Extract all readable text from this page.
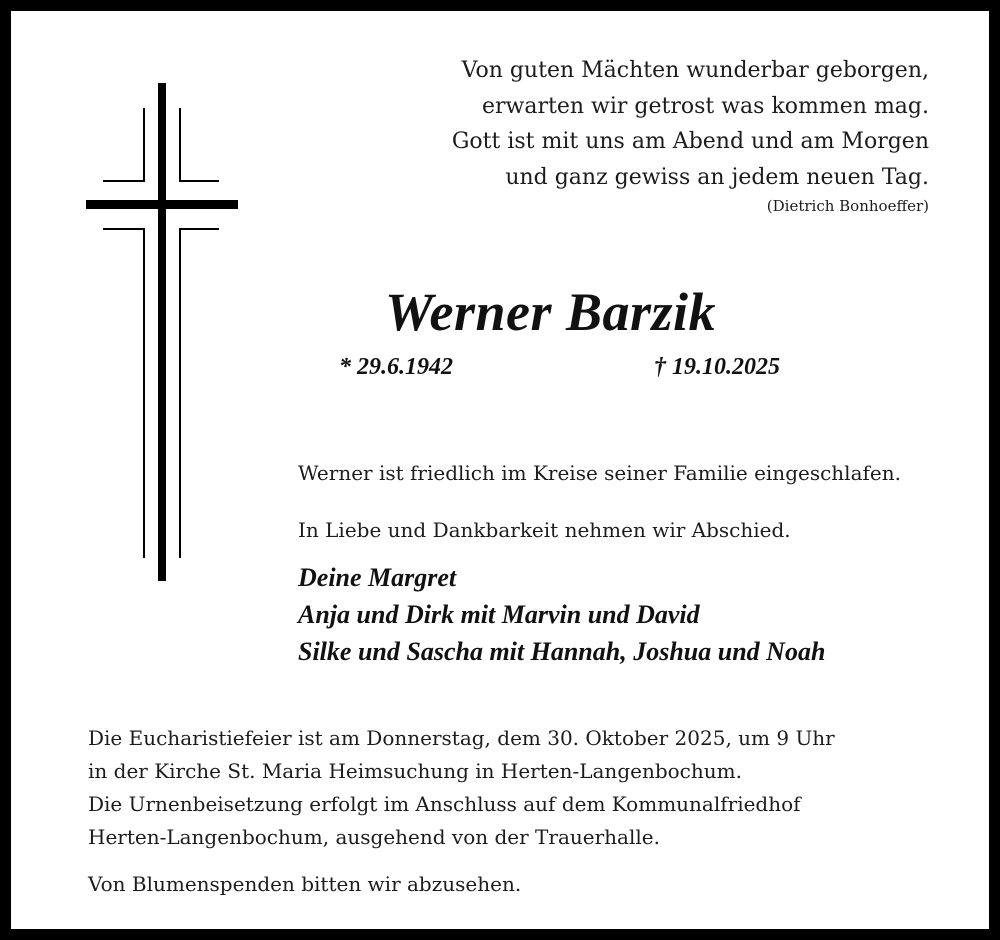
Von guten Mächten wunderbar geborgen,
erwarten wir getrost was kommen mag.
Gott ist mit uns am Abend und am Morgen
und ganz gewiss an jedem neuen Tag.
(Dietrich Bonhoeffer)
Werner Barzik
* 29.6.1942	† 19.10.2025
Werner ist friedlich im Kreise seiner Familie eingeschlafen.
In Liebe und Dankbarkeit nehmen wir Abschied.
Deine Margret
Anja und Dirk mit Marvin und David
Silke und Sascha mit Hannah, Joshua und Noah
Die Eucharistiefeier ist am Donnerstag, dem 30. Oktober 2025, um 9 Uhr
in der Kirche St. Maria Heimsuchung in Herten-Langenbochum.
Die Urnenbeisetzung erfolgt im Anschluss auf dem Kommunalfriedhof
Herten-Langenbochum, ausgehend von der Trauerhalle.
Von Blumenspenden bitten wir abzusehen.
